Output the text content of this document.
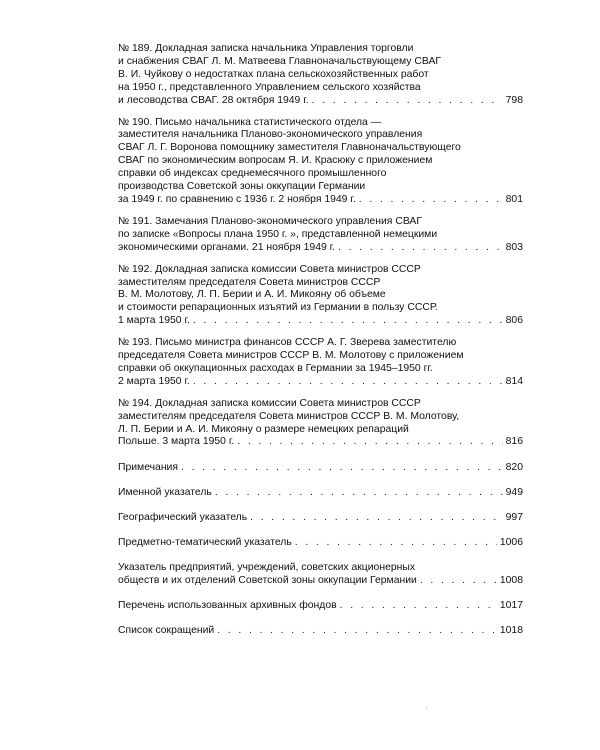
№ 189. Докладная записка начальника Управления торговли
и снабжения СВАГ Л. М. Матвеева Главноначальствующему СВАГ
В. И. Чуйкову о недостатках плана сельскохозяйственных работ
на 1950 г., представленного Управлением сельского хозяйства
и лесоводства СВАГ. 28 октября 1949 г. . . .	798
№ 190. Письмо начальника статистического отдела —
заместителя начальника Планово-экономического управления
СВАГ Л. Г. Воронова помощнику заместителя Главноначальствующего
СВАГ по экономическим вопросам Я. И. Красюку с приложением
справки об индексах среднемесячного промышленного
производства Советской зоны оккупации Германии
за 1949 г. по сравнению с 1936 г. 2 ноября 1949 г. . . .	801
№ 191. Замечания Планово-экономического управления СВАГ
по записке «Вопросы плана 1950 г. », представленной немецкими
экономическими органами. 21 ноября 1949 г. . . .	803
№ 192. Докладная записка комиссии Совета министров СССР
заместителям председателя Совета министров СССР
В. М. Молотову, Л. П. Берии и А. И. Микояну об объеме
и стоимости репарационных изъятий из Германии в пользу СССР.
1 марта 1950 г. . . .	806
№ 193. Письмо министра финансов СССР А. Г. Зверева заместителю
председателя Совета министров СССР В. М. Молотову с приложением
справки об оккупационных расходах в Германии за 1945–1950 гг.
2 марта 1950 г. . . .	814
№ 194. Докладная записка комиссии Совета министров СССР
заместителям председателя Совета министров СССР В. М. Молотову,
Л. П. Берии и А. И. Микояну о размере немецких репараций
Польше. 3 марта 1950 г. . . .	816
Примечания . . .	820
Именной указатель . . .	949
Географический указатель . . .	997
Предметно-тематический указатель . . .	1006
Указатель предприятий, учреждений, советских акционерных
обществ и их отделений Советской зоны оккупации Германии . . .	1008
Перечень использованных архивных фондов . . .	1017
Список сокращений . . .	1018
